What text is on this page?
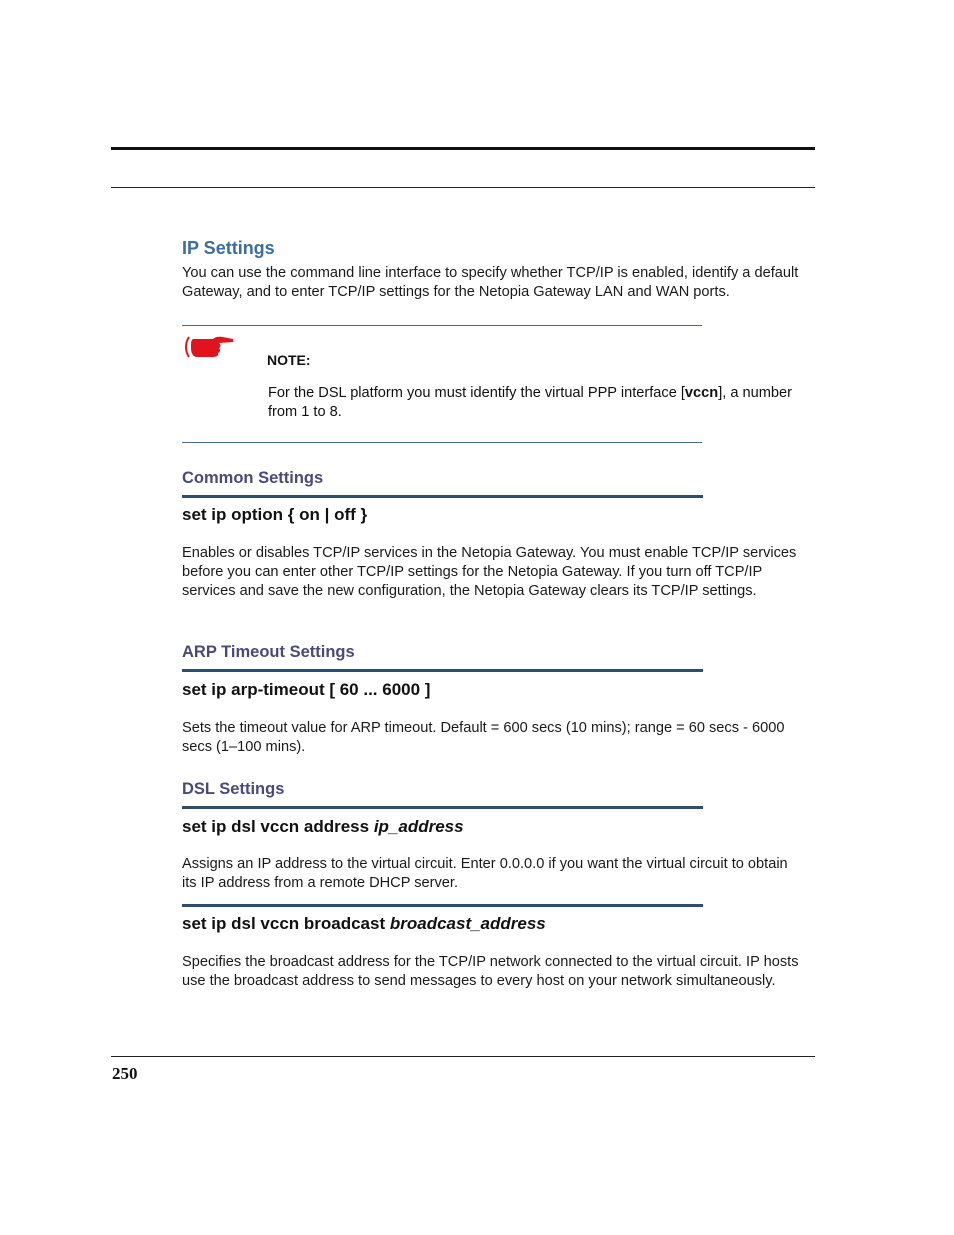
IP Settings
You can use the command line interface to specify whether TCP/IP is enabled, identify a default Gateway, and to enter TCP/IP settings for the Netopia Gateway LAN and WAN ports.
NOTE:
For the DSL platform you must identify the virtual PPP interface [vccn], a number from 1 to 8.
Common Settings
set ip option { on | off }
Enables or disables TCP/IP services in the Netopia Gateway. You must enable TCP/IP services before you can enter other TCP/IP settings for the Netopia Gateway. If you turn off TCP/IP services and save the new configuration, the Netopia Gateway clears its TCP/IP settings.
ARP Timeout Settings
set ip arp-timeout [ 60 ... 6000 ]
Sets the timeout value for ARP timeout. Default = 600 secs (10 mins); range = 60 secs - 6000 secs (1–100 mins).
DSL Settings
set ip dsl vccn address ip_address
Assigns an IP address to the virtual circuit. Enter 0.0.0.0 if you want the virtual circuit to obtain its IP address from a remote DHCP server.
set ip dsl vccn broadcast broadcast_address
Specifies the broadcast address for the TCP/IP network connected to the virtual circuit. IP hosts use the broadcast address to send messages to every host on your network simultaneously.
250
